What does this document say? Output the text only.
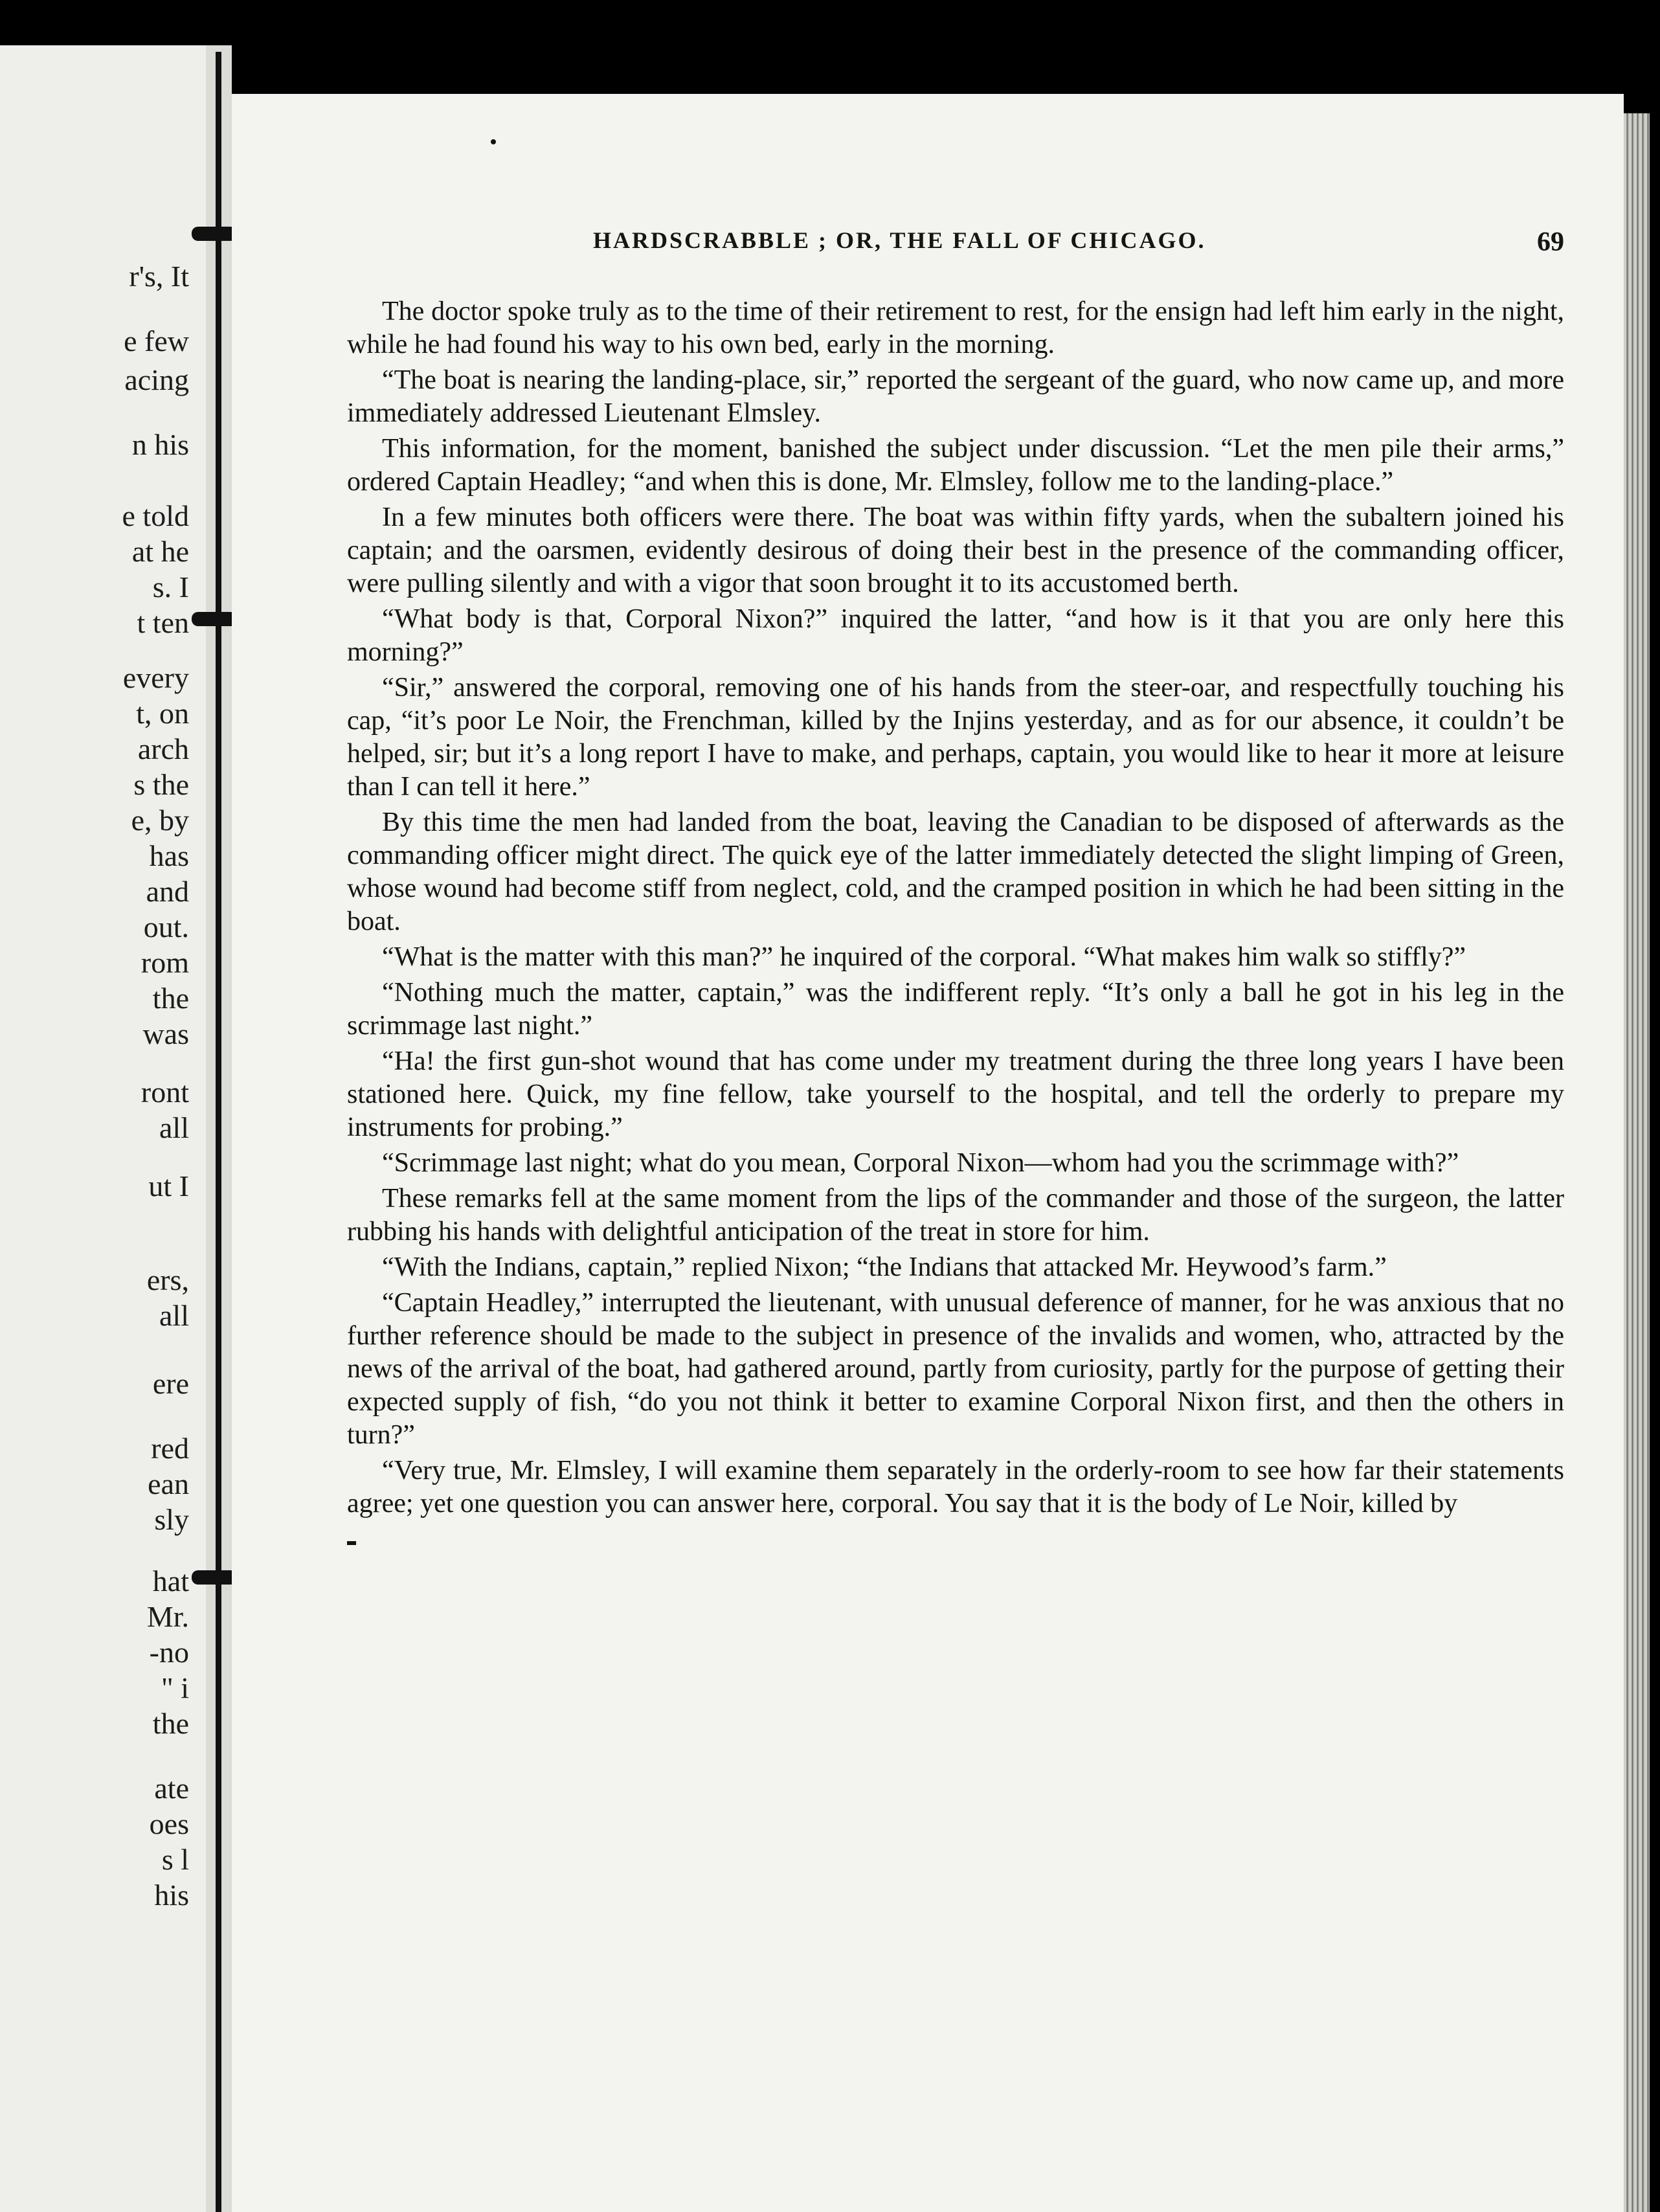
r's, It
e few
acing
n his
e told
at he
s. I
t ten
every
t, on
arch
s the
e, by
has
and
out.
rom
the
was
ront
all
ut I
ers,
all
ere
red
ean
sly
hat
Mr.
-no
" i
the
ate
oes
s l
his
HARDSCRABBLE ; OR, THE FALL OF CHICAGO.	69

The doctor spoke truly as to the time of their retirement to rest, for the ensign had left him early in the night, while he had found his way to his own bed, early in the morning.

“The boat is nearing the landing-place, sir,” reported the sergeant of the guard, who now came up, and more immediately addressed Lieutenant Elmsley.

This information, for the moment, banished the subject under discussion. “Let the men pile their arms,” ordered Captain Headley; “and when this is done, Mr. Elmsley, follow me to the landing-place.”

In a few minutes both officers were there. The boat was within fifty yards, when the subaltern joined his captain; and the oarsmen, evidently desirous of doing their best in the presence of the commanding officer, were pulling silently and with a vigor that soon brought it to its accustomed berth.

“What body is that, Corporal Nixon?” inquired the latter, “and how is it that you are only here this morning?”

“Sir,” answered the corporal, removing one of his hands from the steer-oar, and respectfully touching his cap, “it’s poor Le Noir, the Frenchman, killed by the Injins yesterday, and as for our absence, it couldn’t be helped, sir; but it’s a long report I have to make, and perhaps, captain, you would like to hear it more at leisure than I can tell it here.”

By this time the men had landed from the boat, leaving the Canadian to be disposed of afterwards as the commanding officer might direct. The quick eye of the latter immediately detected the slight limping of Green, whose wound had become stiff from neglect, cold, and the cramped position in which he had been sitting in the boat.

“What is the matter with this man?” he inquired of the corporal. “What makes him walk so stiffly?”

“Nothing much the matter, captain,” was the indifferent reply. “It’s only a ball he got in his leg in the scrimmage last night.”

“Ha! the first gun-shot wound that has come under my treatment during the three long years I have been stationed here. Quick, my fine fellow, take yourself to the hospital, and tell the orderly to prepare my instruments for probing.”

“Scrimmage last night; what do you mean, Corporal Nixon—whom had you the scrimmage with?”

These remarks fell at the same moment from the lips of the commander and those of the surgeon, the latter rubbing his hands with delightful anticipation of the treat in store for him.

“With the Indians, captain,” replied Nixon; “the Indians that attacked Mr. Heywood’s farm.”

“Captain Headley,” interrupted the lieutenant, with unusual deference of manner, for he was anxious that no further reference should be made to the subject in presence of the invalids and women, who, attracted by the news of the arrival of the boat, had gathered around, partly from curiosity, partly for the purpose of getting their expected supply of fish, “do you not think it better to examine Corporal Nixon first, and then the others in turn?”

“Very true, Mr. Elmsley, I will examine them separately in the orderly-room to see how far their statements agree; yet one question you can answer here, corporal. You say that it is the body of Le Noir, killed by
